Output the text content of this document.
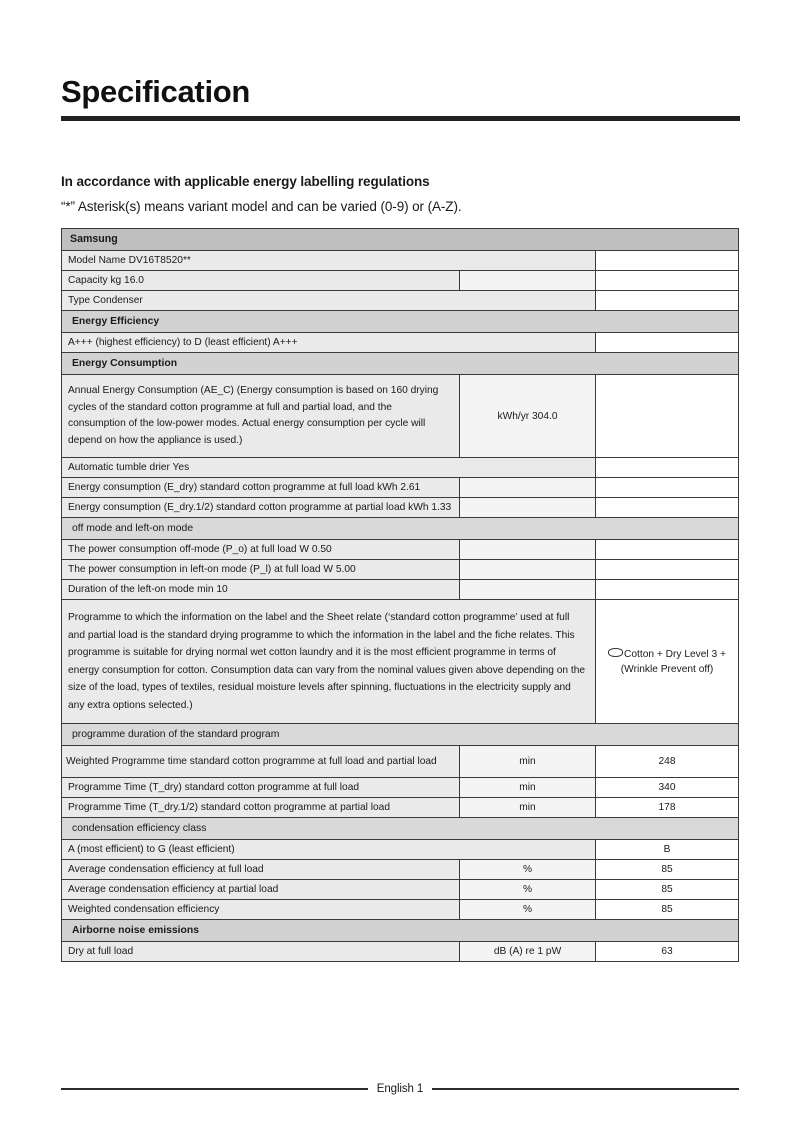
Specification

In accordance with applicable energy labelling regulations

“*” Asterisk(s) means variant model and can be varied (0-9) or (A-Z).

Samsung		
Model Name DV16T8520**		
Capacity kg 16.0		
Type Condenser		
Energy Efficiency		
A+++ (highest efficiency) to D (least efficient) A+++		
Energy Consumption		
Annual Energy Consumption (AE_C) (Energy consumption is based on 160 drying cycles of the standard cotton programme at full and partial load, and the consumption of the low-power modes. Actual energy consumption per cycle will depend on how the appliance is used.)	kWh/yr 304.0	
Automatic tumble drier Yes		
Energy consumption (E_dry) standard cotton programme at full load kWh 2.61		
Energy consumption (E_dry.1/2) standard cotton programme at partial load kWh 1.33		
off mode and left-on mode		
The power consumption off-mode (P_o) at full load W 0.50		
The power consumption in left-on mode (P_l) at full load W 5.00		
Duration of the left-on mode min 10		
Programme to which the information on the label and the Sheet relate (‘standard cotton programme’ used at full and partial load is the standard drying programme to which the information in the label and the fiche relates. This programme is suitable for drying normal wet cotton laundry and it is the most efficient programme in terms of energy consumption for cotton. Consumption data can vary from the nominal values given above depending on the size of the load, types of textiles, residual moisture levels after spinning, fluctuations in the electricity supply and any extra options selected.)		Cotton + Dry Level 3 +
(Wrinkle Prevent off)
programme duration of the standard program		
Weighted Programme time standard cotton programme at full load and partial load	min	248
Programme Time (T_dry) standard cotton programme at full load	min	340
Programme Time (T_dry.1/2) standard cotton programme at partial load	min	178
condensation efficiency class		
A (most efficient) to G (least efficient)		B
Average condensation efficiency at full load	%	85
Average condensation efficiency at partial load	%	85
Weighted condensation efficiency	%	85
Airborne noise emissions		
Dry at full load	dB (A) re 1 pW	63
English 1
